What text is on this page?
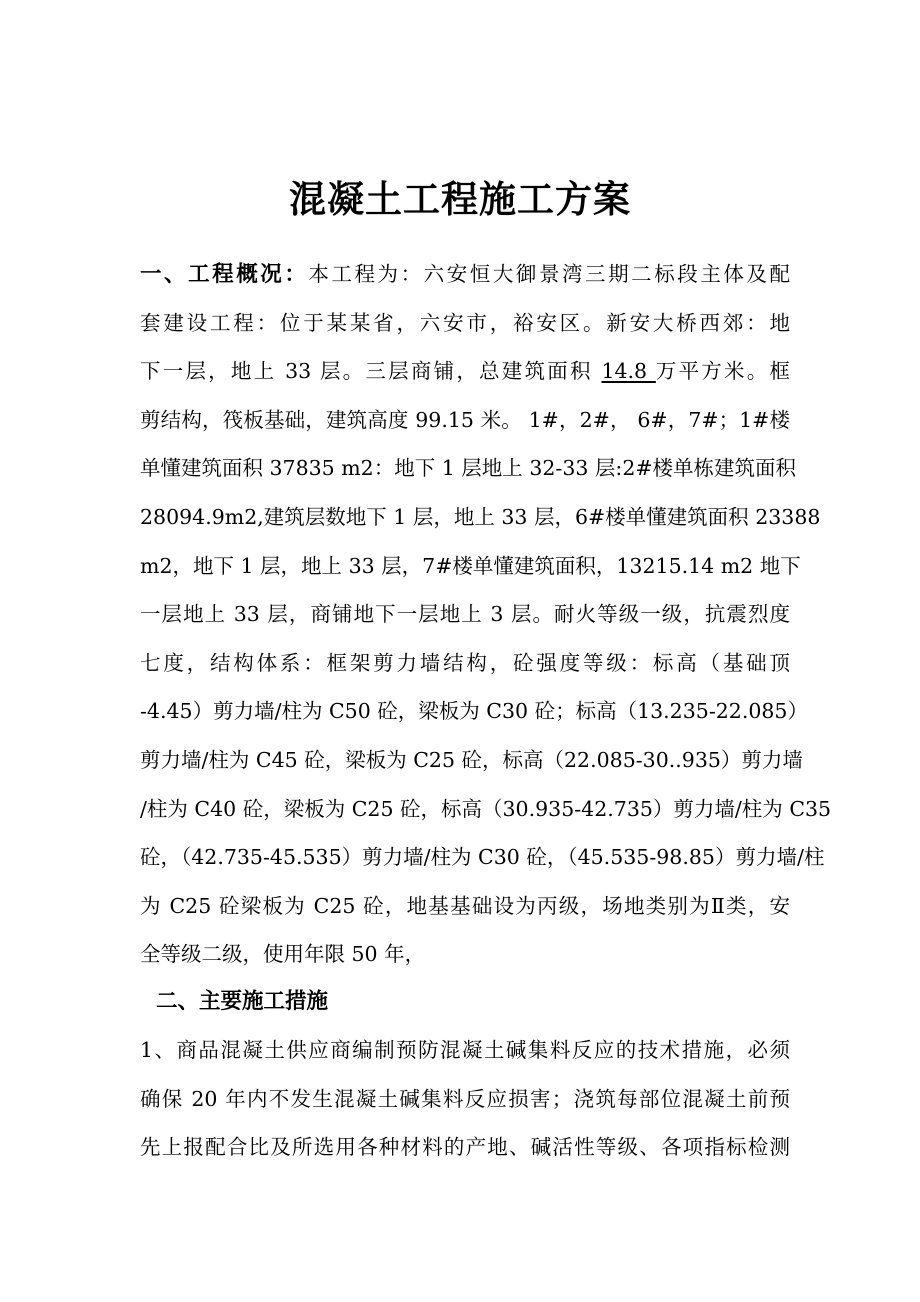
混凝土工程施工方案
一、工程概况：本工程为：六安恒大御景湾三期二标段主体及配
套建设工程：位于某某省，六安市，裕安区。新安大桥西郊：地
下一层，地上 33 层。三层商铺，总建筑面积 14.8 万平方米。框
剪结构，筏板基础，建筑高度 99.15 米。 1#，2#， 6#，7#；1#楼
单懂建筑面积 37835 m2：地下 1 层地上 32-33 层:2#楼单栋建筑面积
28094.9m2,建筑层数地下 1 层，地上 33 层，6#楼单懂建筑面积 23388
m2，地下 1 层，地上 33 层，7#楼单懂建筑面积，13215.14 m2 地下
一层地上 33 层，商铺地下一层地上 3 层。耐火等级一级，抗震烈度
七度，结构体系：框架剪力墙结构，砼强度等级：标高（基础顶
-4.45）剪力墙/柱为 C50 砼，梁板为 C30 砼；标高（13.235-22.085）
剪力墙/柱为 C45 砼，梁板为 C25 砼，标高（22.085-30..935）剪力墙
/柱为 C40 砼，梁板为 C25 砼，标高（30.935-42.735）剪力墙/柱为 C35
砼，（42.735-45.535）剪力墙/柱为 C30 砼，（45.535-98.85）剪力墙/柱
为 C25 砼梁板为 C25 砼，地基基础设为丙级，场地类别为Ⅱ类，安
全等级二级，使用年限 50 年，
二、主要施工措施
1、商品混凝土供应商编制预防混凝土碱集料反应的技术措施，必须
确保 20 年内不发生混凝土碱集料反应损害；浇筑每部位混凝土前预
先上报配合比及所选用各种材料的产地、碱活性等级、各项指标检测
